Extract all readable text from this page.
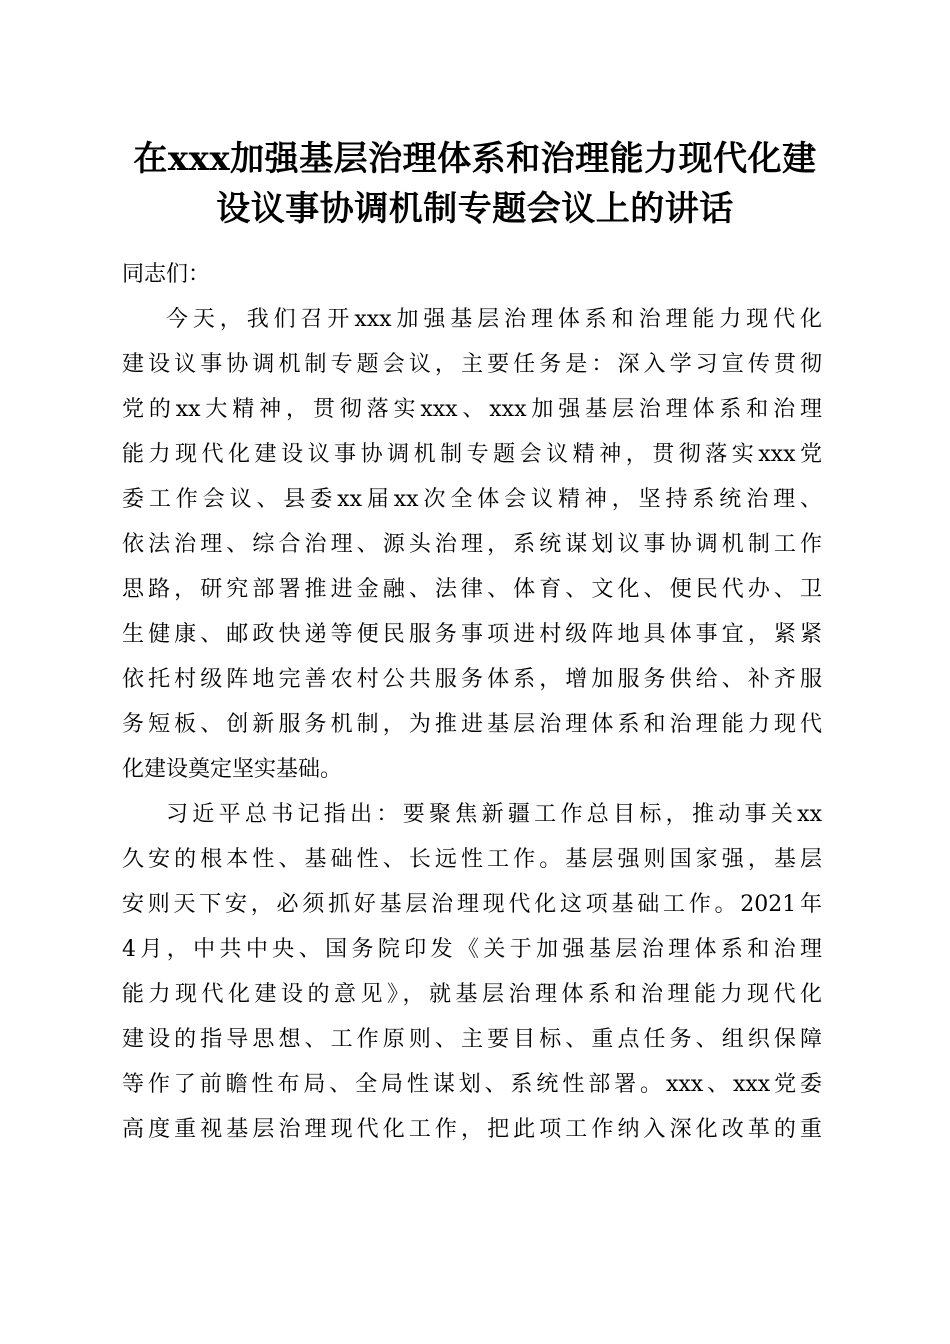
在xxx加强基层治理体系和治理能力现代化建
设议事协调机制专题会议上的讲话

同志们：

今天，我们召开xxx加强基层治理体系和治理能力现代化
建设议事协调机制专题会议，主要任务是：深入学习宣传贯彻
党的xx大精神，贯彻落实xxx、xxx加强基层治理体系和治理
能力现代化建设议事协调机制专题会议精神，贯彻落实xxx党
委工作会议、县委xx届xx次全体会议精神，坚持系统治理、
依法治理、综合治理、源头治理，系统谋划议事协调机制工作
思路，研究部署推进金融、法律、体育、文化、便民代办、卫
生健康、邮政快递等便民服务事项进村级阵地具体事宜，紧紧
依托村级阵地完善农村公共服务体系，增加服务供给、补齐服
务短板、创新服务机制，为推进基层治理体系和治理能力现代
化建设奠定坚实基础。

习近平总书记指出：要聚焦新疆工作总目标，推动事关xx
久安的根本性、基础性、长远性工作。基层强则国家强，基层
安则天下安，必须抓好基层治理现代化这项基础工作。2021年
4月，中共中央、国务院印发《关于加强基层治理体系和治理
能力现代化建设的意见》，就基层治理体系和治理能力现代化
建设的指导思想、工作原则、主要目标、重点任务、组织保障
等作了前瞻性布局、全局性谋划、系统性部署。xxx、xxx党委
高度重视基层治理现代化工作，把此项工作纳入深化改革的重
